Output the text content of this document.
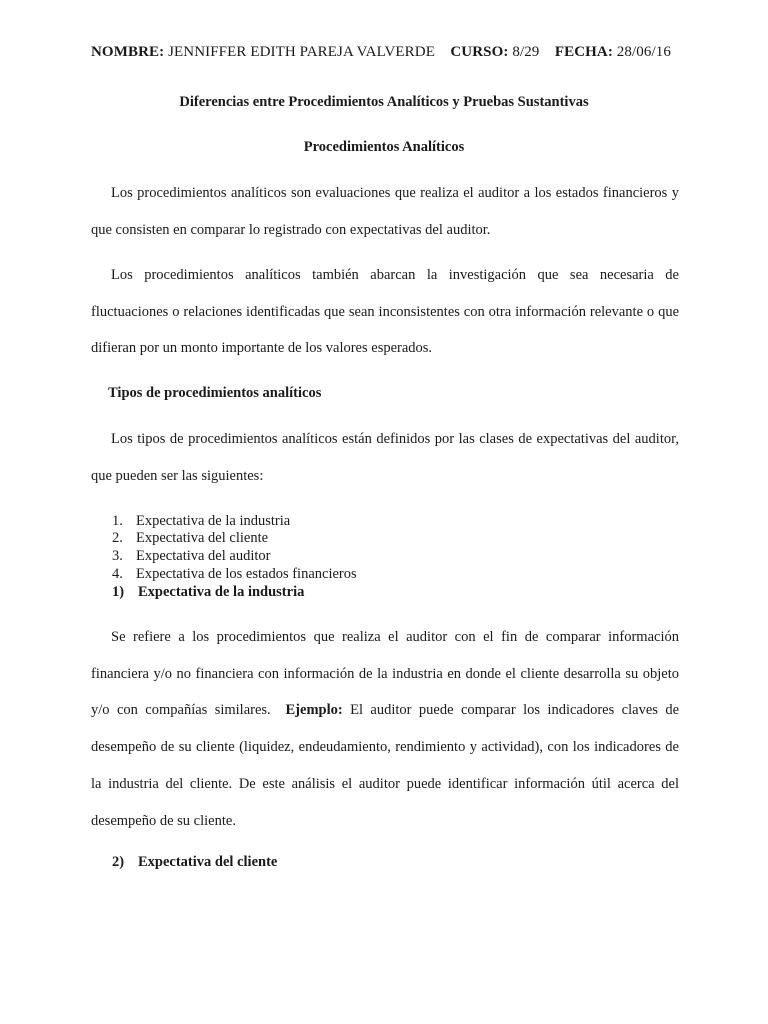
NOMBRE: JENNIFFER EDITH PAREJA VALVERDE CURSO: 8/29 FECHA: 28/06/16

Diferencias entre Procedimientos Analíticos y Pruebas Sustantivas

Procedimientos Analíticos

Los procedimientos analíticos son evaluaciones que realiza el auditor a los estados financieros y que consisten en comparar lo registrado con expectativas del auditor.

Los procedimientos analíticos también abarcan la investigación que sea necesaria de fluctuaciones o relaciones identificadas que sean inconsistentes con otra información relevante o que difieran por un monto importante de los valores esperados.

Tipos de procedimientos analíticos

Los tipos de procedimientos analíticos están definidos por las clases de expectativas del auditor, que pueden ser las siguientes:

1. Expectativa de la industria

2. Expectativa del cliente

3. Expectativa del auditor

4. Expectativa de los estados financieros

1) Expectativa de la industria

Se refiere a los procedimientos que realiza el auditor con el fin de comparar información financiera y/o no financiera con información de la industria en donde el cliente desarrolla su objeto y/o con compañías similares. Ejemplo: El auditor puede comparar los indicadores claves de desempeño de su cliente (liquidez, endeudamiento, rendimiento y actividad), con los indicadores de la industria del cliente. De este análisis el auditor puede identificar información útil acerca del desempeño de su cliente.

2) Expectativa del cliente
